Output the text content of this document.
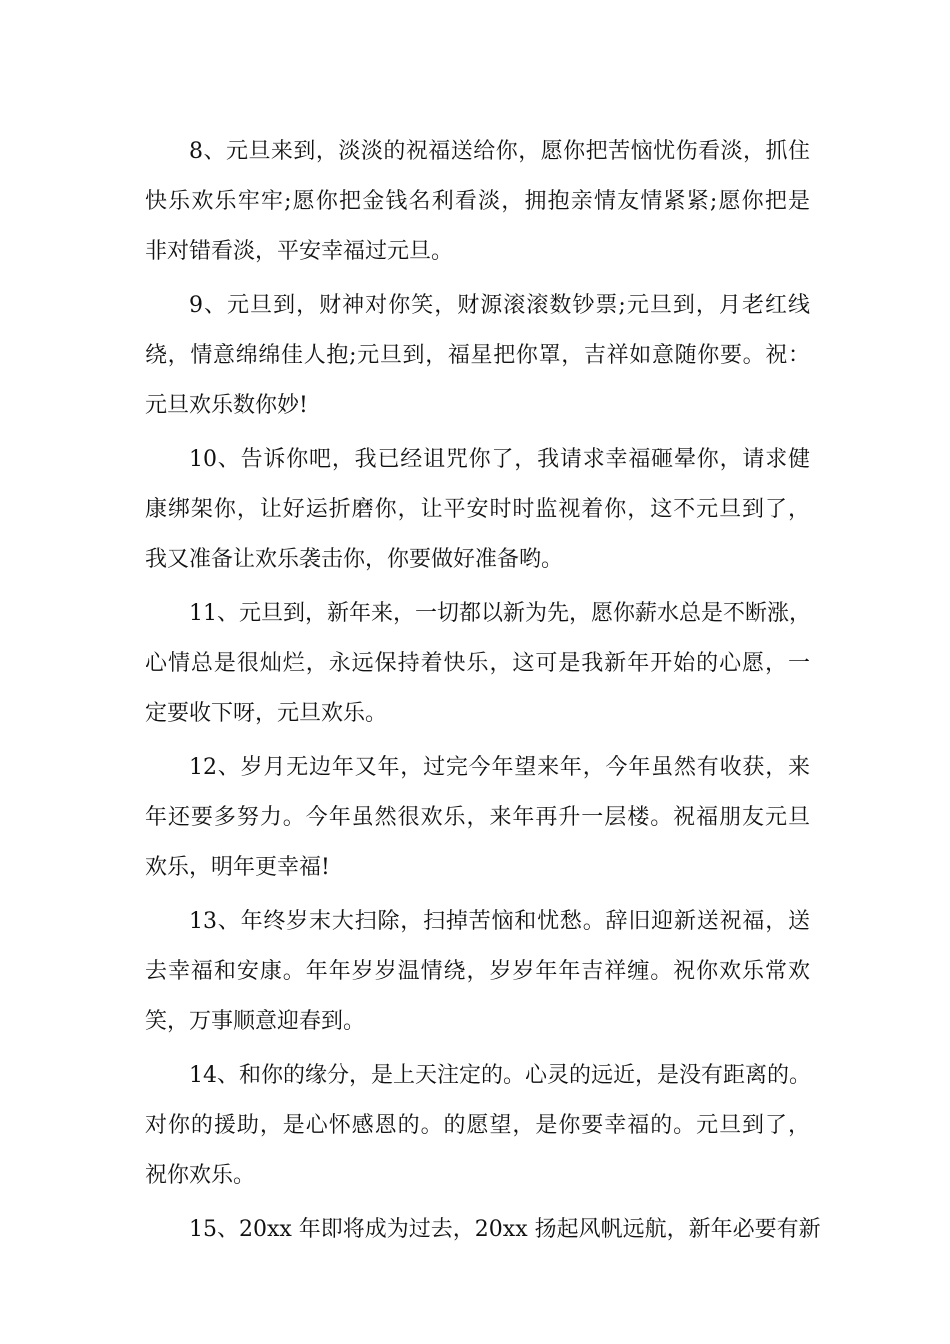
8、元旦来到，淡淡的祝福送给你，愿你把苦恼忧伤看淡，抓住
快乐欢乐牢牢;愿你把金钱名利看淡，拥抱亲情友情紧紧;愿你把是
非对错看淡，平安幸福过元旦。
9、元旦到，财神对你笑，财源滚滚数钞票;元旦到，月老红线
绕，情意绵绵佳人抱;元旦到，福星把你罩，吉祥如意随你要。祝：
元旦欢乐数你妙!
10、告诉你吧，我已经诅咒你了，我请求幸福砸晕你，请求健
康绑架你，让好运折磨你，让平安时时监视着你，这不元旦到了，
我又准备让欢乐袭击你，你要做好准备哟。
11、元旦到，新年来，一切都以新为先，愿你薪水总是不断涨，
心情总是很灿烂，永远保持着快乐，这可是我新年开始的心愿，一
定要收下呀，元旦欢乐。
12、岁月无边年又年，过完今年望来年，今年虽然有收获，来
年还要多努力。今年虽然很欢乐，来年再升一层楼。祝福朋友元旦
欢乐，明年更幸福!
13、年终岁末大扫除，扫掉苦恼和忧愁。辞旧迎新送祝福，送
去幸福和安康。年年岁岁温情绕，岁岁年年吉祥缠。祝你欢乐常欢
笑，万事顺意迎春到。
14、和你的缘分，是上天注定的。心灵的远近，是没有距离的。
对你的援助，是心怀感恩的。的愿望，是你要幸福的。元旦到了，
祝你欢乐。
15、20xx 年即将成为过去，20xx 扬起风帆远航，新年必要有新
